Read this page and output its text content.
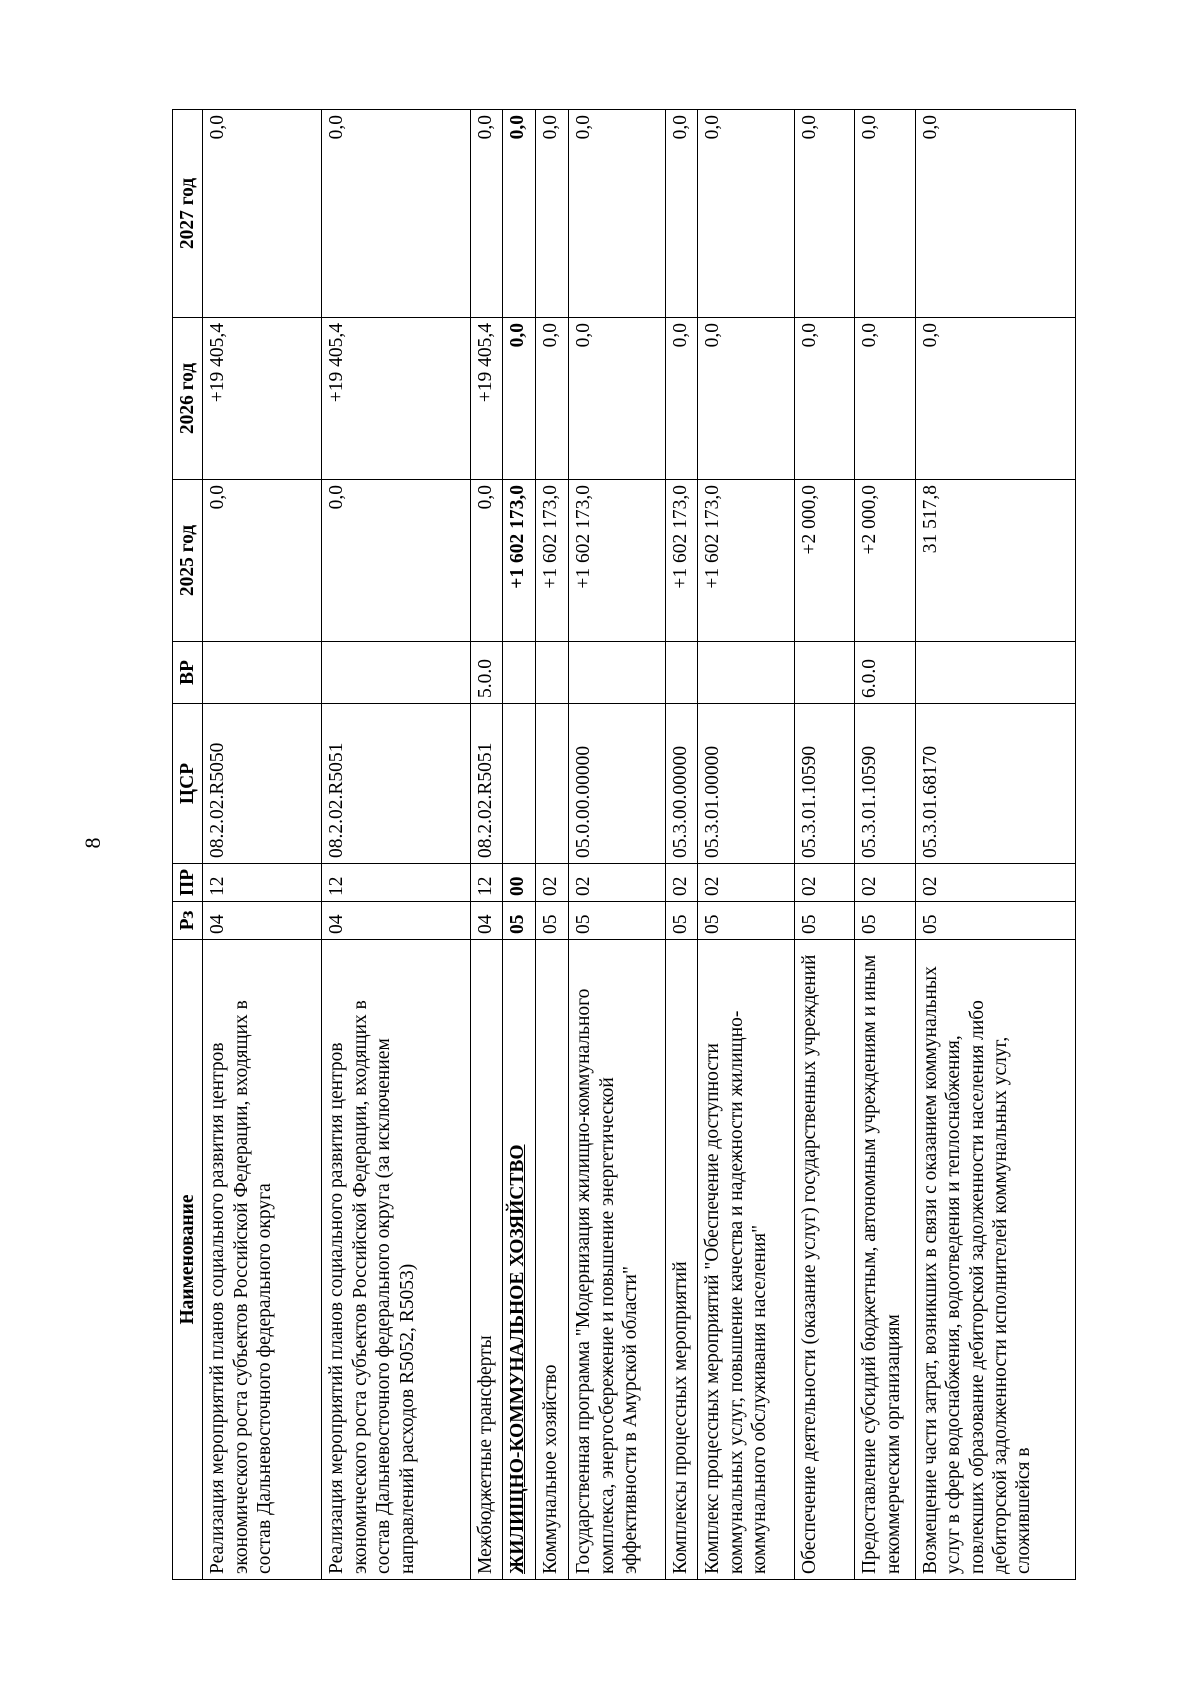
8
Наименование	Рз	ПР	ЦСР	ВР	2025 год	2026 год	2027 год
Реализация мероприятий планов социального развития центров экономического роста субъектов Российской Федерации, входящих в состав Дальневосточного федерального округа	04	12	08.2.02.R5050		0,0	+19 405,4	0,0
Реализация мероприятий планов социального развития центров экономического роста субъектов Российской Федерации, входящих в состав Дальневосточного федерального округа (за исключением направлений расходов R5052, R5053)	04	12	08.2.02.R5051		0,0	+19 405,4	0,0
Межбюджетные трансферты	04	12	08.2.02.R5051	5.0.0	0,0	+19 405,4	0,0
ЖИЛИЩНО-КОММУНАЛЬНОЕ ХОЗЯЙСТВО	05	00			+1 602 173,0	0,0	0,0
Коммунальное хозяйство	05	02			+1 602 173,0	0,0	0,0
Государственная программа "Модернизация жилищно-коммунального комплекса, энергосбережение и повышение энергетической эффективности в Амурской области"	05	02	05.0.00.00000		+1 602 173,0	0,0	0,0
Комплексы процессных мероприятий	05	02	05.3.00.00000		+1 602 173,0	0,0	0,0
Комплекс процессных мероприятий "Обеспечение доступности коммунальных услуг, повышение качества и надежности жилищно-коммунального обслуживания населения"	05	02	05.3.01.00000		+1 602 173,0	0,0	0,0
Обеспечение деятельности (оказание услуг) государственных учреждений	05	02	05.3.01.10590		+2 000,0	0,0	0,0
Предоставление субсидий бюджетным, автономным учреждениям и иным некоммерческим организациям	05	02	05.3.01.10590	6.0.0	+2 000,0	0,0	0,0
Возмещение части затрат, возникших в связи с оказанием коммунальных услуг в сфере водоснабжения, водоотведения и теплоснабжения, повлекших образование дебиторской задолженности населения либо дебиторской задолженности исполнителей коммунальных услуг, сложившейся в	05	02	05.3.01.68170		31 517,8	0,0	0,0
